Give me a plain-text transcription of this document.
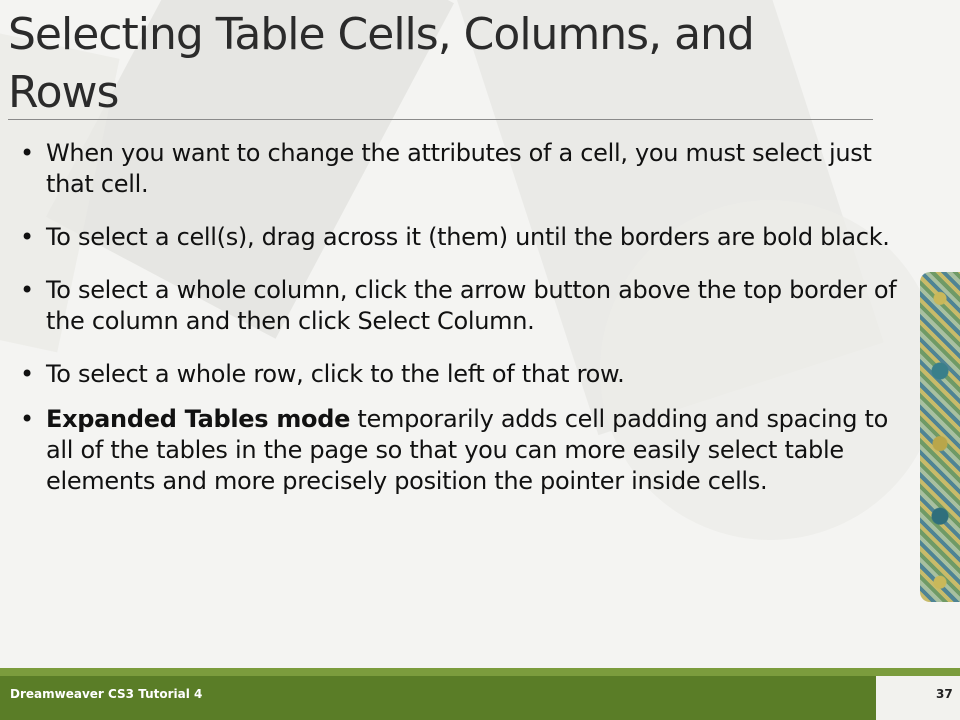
Selecting Table Cells, Columns, and Rows
• When you want to change the attributes of a cell, you must select just that cell.
• To select a cell(s), drag across it (them) until the borders are bold black.
• To select a whole column, click the arrow button above the top border of the column and then click Select Column.
• To select a whole row, click to the left of that row.
• Expanded Tables mode temporarily adds cell padding and spacing to all of the tables in the page so that you can more easily select table elements and more precisely position the pointer inside cells.
Dreamweaver CS3 Tutorial 4	37
